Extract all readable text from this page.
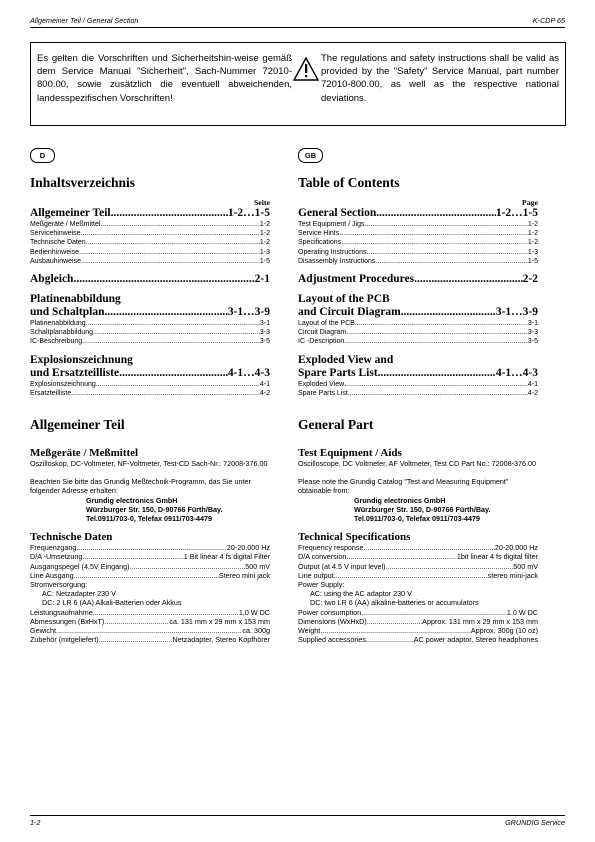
Allgemeiner Teil / General Section	K-CDP 65
Es gelten die Vorschriften und Sicherheitshin-weise gemäß dem Service Manual "Sicherheit", Sach-Nummer 72010-800.00, sowie zusätzlich die eventuell abweichenden, landesspezifischen Vorschriften!
The regulations and safety instructions shall be valid as provided by the "Safety" Service Manual, part number 72010-800.00, as well as the respective national deviations.
D
Inhaltsverzeichnis
Seite
Allgemeiner Teil .....	1-2…1-5
Meßgeräte / Meßmittel .....	1-2
Servicehinweise .....	1-2
Technische Daten .....	1-2
Bedienhinweise .....	1-3
Ausbauhinweise .....	1-5
Abgleich .....	2-1
Platinenabbildung
und Schaltplan .....	3-1…3-9
Platinenabbildung .....	3-1
Schaltplanabbildung .....	3-3
IC-Beschreibung .....	3-5
Explosionszeichnung
und Ersatzteilliste .....	4-1…4-3
Explosionszeichnung .....	4-1
Ersatzteilliste .....	4-2
Allgemeiner Teil
Meßgeräte / Meßmittel
Oszilloskop, DC-Voltmeter, NF-Voltmeter, Test-CD Sach-Nr.: 72008-376.00
Beachten Sie bitte das Grundig Meßtechnik-Programm, das Sie unter folgender Adresse erhalten:
Grundig electronics GmbH
Würzburger Str. 150, D-90766 Fürth/Bay.
Tel.0911/703-0, Telefax 0911/703-4479
Technische Daten
Frequenzgang .....	20-20.000 Hz
D/A -Umsetzung .....	1 Bit linear 4 fs digital Filter
Ausgangspegel (4,5V Eingang) .....	500 mV
Line Ausgang .....	Stereo mini jack
Stromversorgung:
AC: Netzadapter 230 V
DC: 2 LR 6 (AA) Alkali-Batterien oder Akkus
Leistungsaufnahme .....	1,0 W DC
Abmessungen (BxHxT) .....	ca. 131 mm x 29 mm x 153 mm
Gewicht .....	ca. 300g
Zubehör (mitgeliefert) .....	Netzadapter, Stereo Kopfhörer
GB
Table of Contents
Page
General Section .....	1-2…1-5
Test Equipment / Jigs .....	1-2
Service Hints .....	1-2
Specifications .....	1-2
Operating Instructions .....	1-3
Disassembly Instructions .....	1-5
Adjustment Procedures .....	2-2
Layout of the PCB
and Circuit Diagram .....	3-1…3-9
Layout of the PCB .....	3-1
Circuit Diagram .....	3-3
IC -Description .....	3-5
Exploded View and
Spare Parts List .....	4-1…4-3
Exploded View .....	4-1
Spare Parts List .....	4-2
General Part
Test Equipment / Aids
Oscilloscope, DC Voltmeter, AF Voltmeter, Test CD Part No.: 72008-376.00
Please note the Grundig Catalog "Test and Measuring Equipment" obtainable from:
Grundig electronics GmbH
Würzburger Str. 150, D-90766 Fürth/Bay.
Tel.0911/703-0, Telefax 0911/703-4479
Technical Specifications
Frequency response .....	20-20.000 Hz
D/A conversion .....	1bit linear 4 fs digital filter
Output (at 4.5 V input level) .....	500 mV
Line output .....	stereo mini-jack
Power Supply:
AC: using the AC adaptor 230 V
DC: two LR 6 (AA) alkaline-batteries or accumulators
Power consumption .....	1.0 W DC
Dimensions (WxHxD) .....	Approx. 131 mm x 29 mm x 153 mm
Weight .....	Approx. 300g (10 oz)
Supplied accessories .....	AC power adaptor, Stereo headphones
1-2	GRUNDIG Service
